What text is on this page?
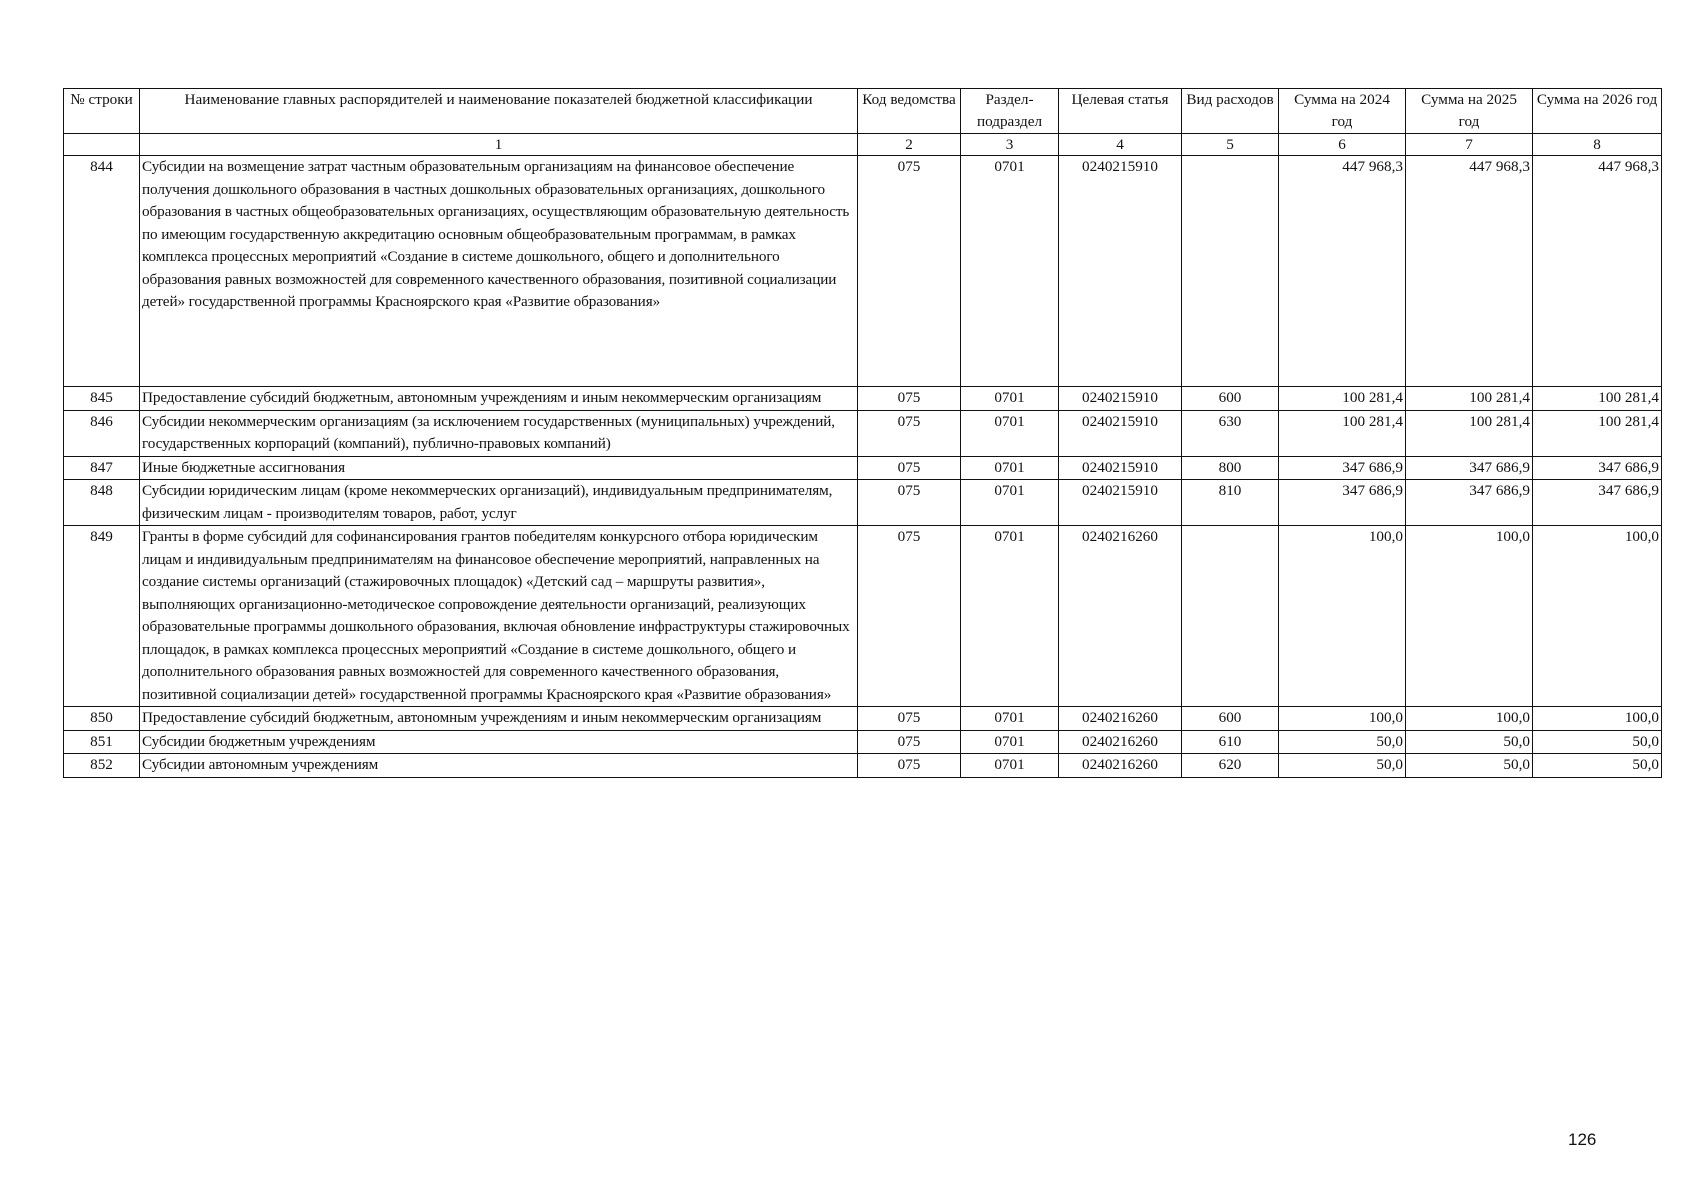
№ строки	Наименование главных распорядителей и наименование показателей бюджетной классификации	Код ведомства	Раздел-подраздел	Целевая статья	Вид расходов	Сумма на 2024 год	Сумма на 2025 год	Сумма на 2026 год
	1	2	3	4	5	6	7	8
844	Субсидии на возмещение затрат частным образовательным организациям на финансовое обеспечение получения дошкольного образования в частных дошкольных образовательных организациях, дошкольного образования в частных общеобразовательных организациях, осуществляющим образовательную деятельность по имеющим государственную аккредитацию основным общеобразовательным программам, в рамках комплекса процессных мероприятий «Создание в системе дошкольного, общего и дополнительного образования равных возможностей для современного качественного образования, позитивной социализации детей» государственной программы Красноярского края «Развитие образования»	075	0701	0240215910		447 968,3	447 968,3	447 968,3
845	Предоставление субсидий бюджетным, автономным учреждениям и иным некоммерческим организациям	075	0701	0240215910	600	100 281,4	100 281,4	100 281,4
846	Субсидии некоммерческим организациям (за исключением государственных (муниципальных) учреждений, государственных корпораций (компаний), публично-правовых компаний)	075	0701	0240215910	630	100 281,4	100 281,4	100 281,4
847	Иные бюджетные ассигнования	075	0701	0240215910	800	347 686,9	347 686,9	347 686,9
848	Субсидии юридическим лицам (кроме некоммерческих организаций), индивидуальным предпринимателям, физическим лицам - производителям товаров, работ, услуг	075	0701	0240215910	810	347 686,9	347 686,9	347 686,9
849	Гранты в форме субсидий для софинансирования грантов победителям конкурсного отбора юридическим лицам и индивидуальным предпринимателям на финансовое обеспечение мероприятий, направленных на создание системы организаций (стажировочных площадок) «Детский сад – маршруты развития», выполняющих организационно-методическое сопровождение деятельности организаций, реализующих образовательные программы дошкольного образования, включая обновление инфраструктуры стажировочных площадок, в рамках комплекса процессных мероприятий «Создание в системе дошкольного, общего и дополнительного образования равных возможностей для современного качественного образования, позитивной социализации детей» государственной программы Красноярского края «Развитие образования»	075	0701	0240216260		100,0	100,0	100,0
850	Предоставление субсидий бюджетным, автономным учреждениям и иным некоммерческим организациям	075	0701	0240216260	600	100,0	100,0	100,0
851	Субсидии бюджетным учреждениям	075	0701	0240216260	610	50,0	50,0	50,0
852	Субсидии автономным учреждениям	075	0701	0240216260	620	50,0	50,0	50,0
126
